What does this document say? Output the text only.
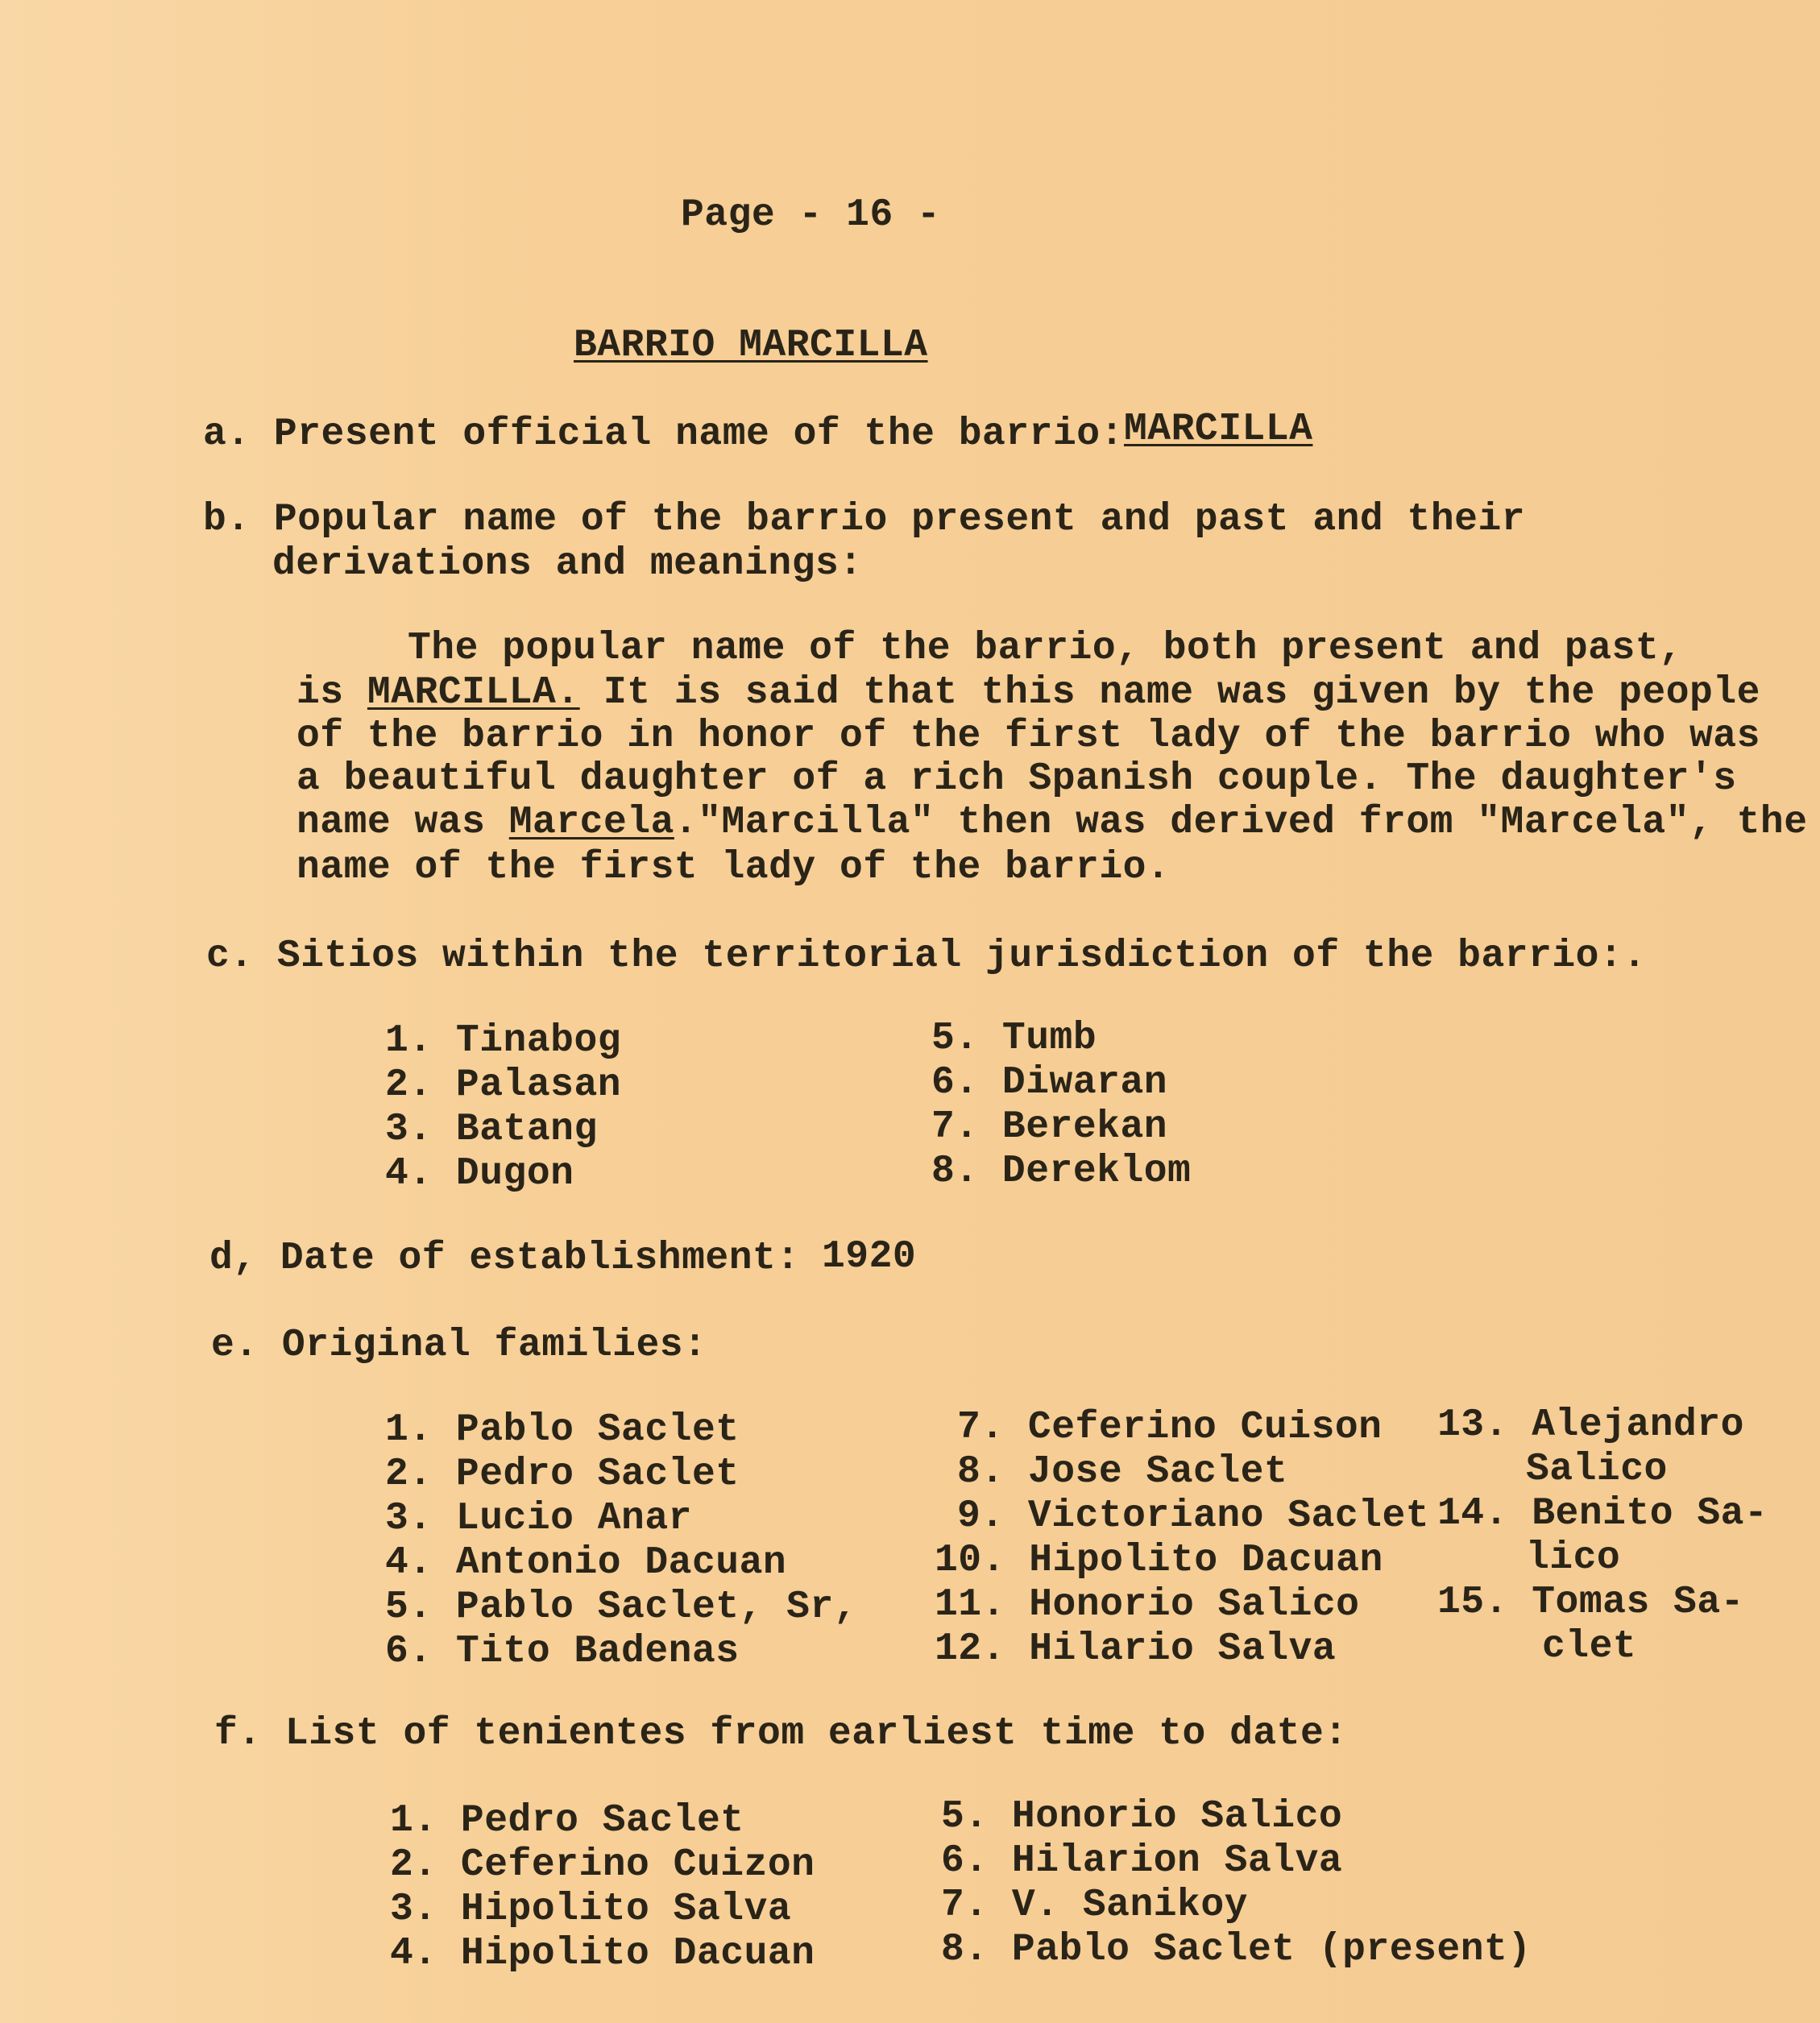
Page - 16 -
BARRIO MARCILLA
a. Present official name of the barrio: MARCILLA
b. Popular name of the barrio present and past and their
derivations and meanings:
The popular name of the barrio, both present and past,
is MARCILLA. It is said that this name was given by the people
of the barrio in honor of the first lady of the barrio who was
a beautiful daughter of a rich Spanish couple. The daughter's
name was Marcela."Marcilla" then was derived from "Marcela", the
name of the first lady of the barrio.
c. Sitios within the territorial jurisdiction of the barrio:.
1. Tinabog
2. Palasan
3. Batang
4. Dugon
5. Tumb
6. Diwaran
7. Berekan
8. Dereklom
d, Date of establishment: 1920
e. Original families:
1. Pablo Saclet
2. Pedro Saclet
3. Lucio Anar
4. Antonio Dacuan
5. Pablo Saclet, Sr,
6. Tito Badenas
7. Ceferino Cuison
8. Jose Saclet
9. Victoriano Saclet
10. Hipolito Dacuan
11. Honorio Salico
12. Hilario Salva
13. Alejandro
Salico
14. Benito Sa-
lico
15. Tomas Sa-
clet
f. List of tenientes from earliest time to date:
1. Pedro Saclet
2. Ceferino Cuizon
3. Hipolito Salva
4. Hipolito Dacuan
5. Honorio Salico
6. Hilarion Salva
7. V. Sanikoy
8. Pablo Saclet (present)
